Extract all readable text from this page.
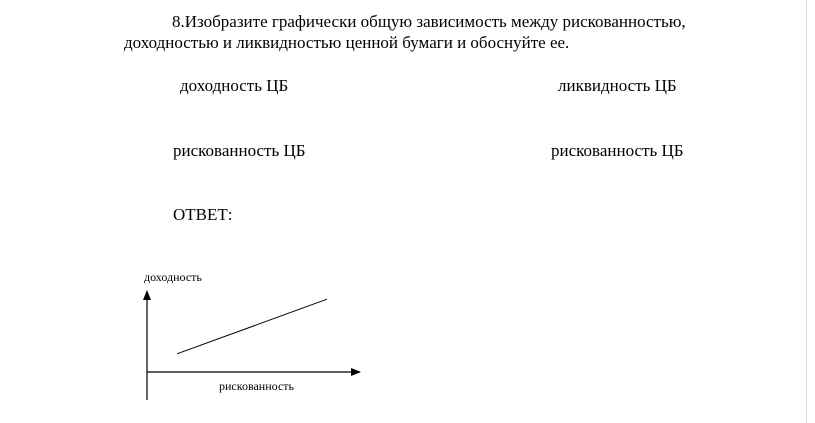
8.Изобразите графически общую зависимость между рискованностью,
доходностью и ликвидностью ценной бумаги и обоснуйте ее.
доходность ЦБ	ликвидность ЦБ
рискованность ЦБ	рискованность ЦБ
ОТВЕТ:
доходность
рискованность
